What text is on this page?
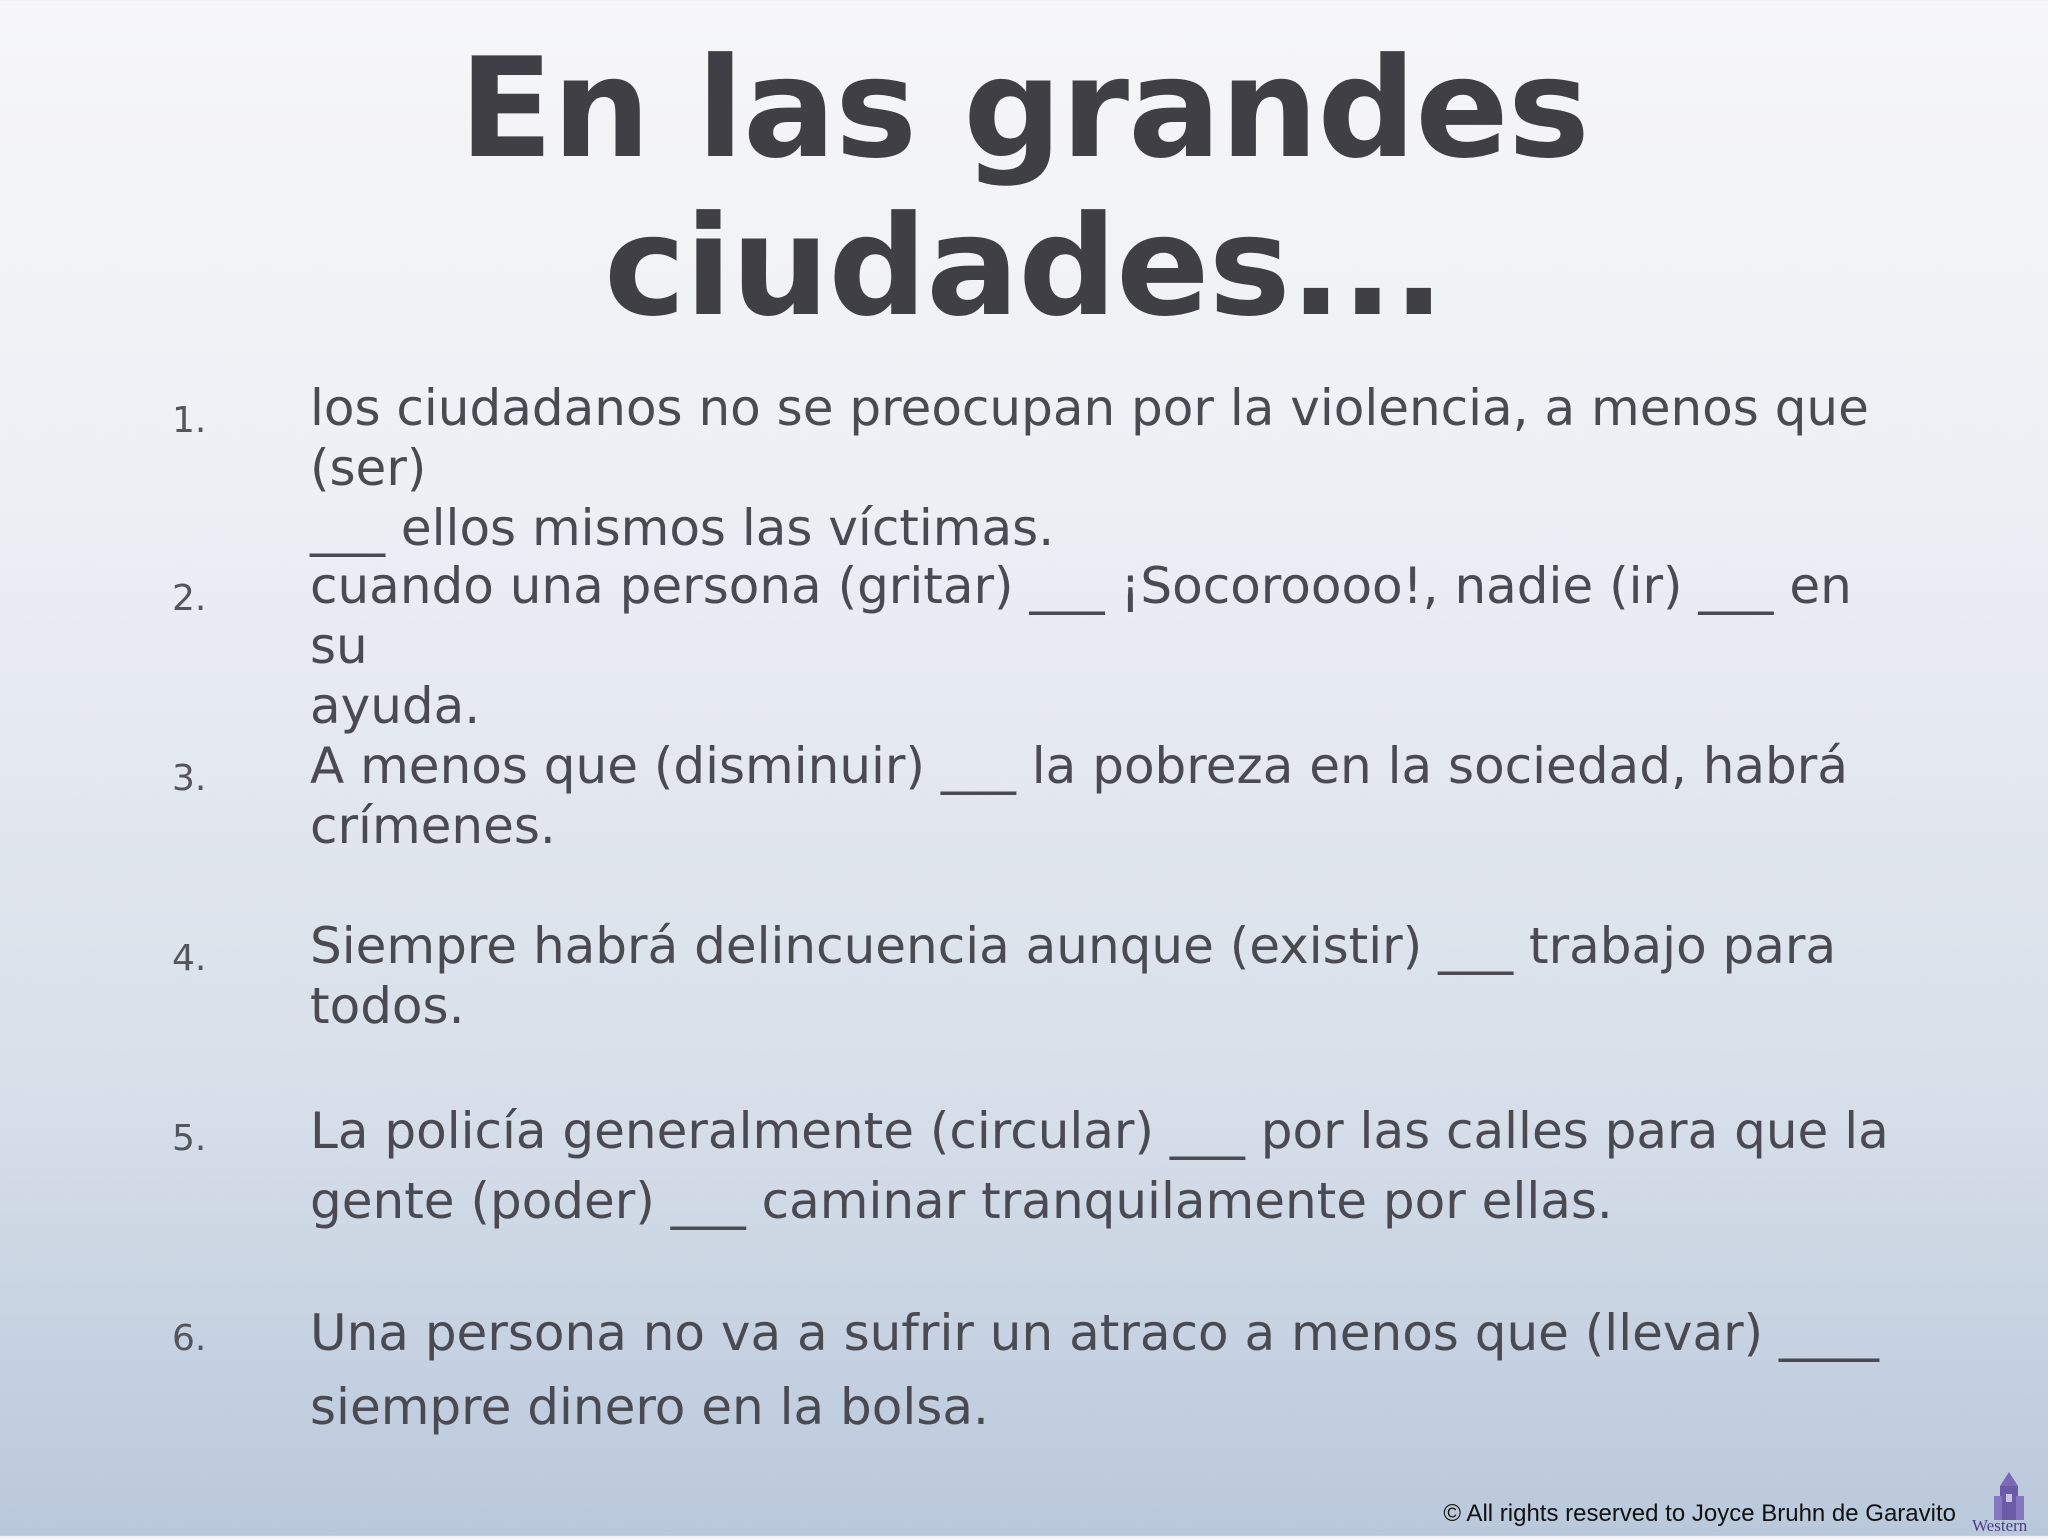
En las grandes
ciudades...
1.	los ciudadanos no se preocupan por la violencia, a menos que (ser)
___ ellos mismos las víctimas.
2.	cuando una persona (gritar) ___ ¡Socoroooo!, nadie (ir) ___ en su
ayuda.
3.	A menos que (disminuir) ___ la pobreza en la sociedad, habrá
crímenes.
4.	Siempre habrá delincuencia aunque (existir) ___ trabajo para
todos.
5.	La policía generalmente (circular) ___ por las calles para que la
gente (poder) ___ caminar tranquilamente por ellas.
6.	Una persona no va a sufrir un atraco a menos que (llevar) ____
siempre dinero en la bolsa.
© All rights reserved to Joyce Bruhn de Garavito Western
